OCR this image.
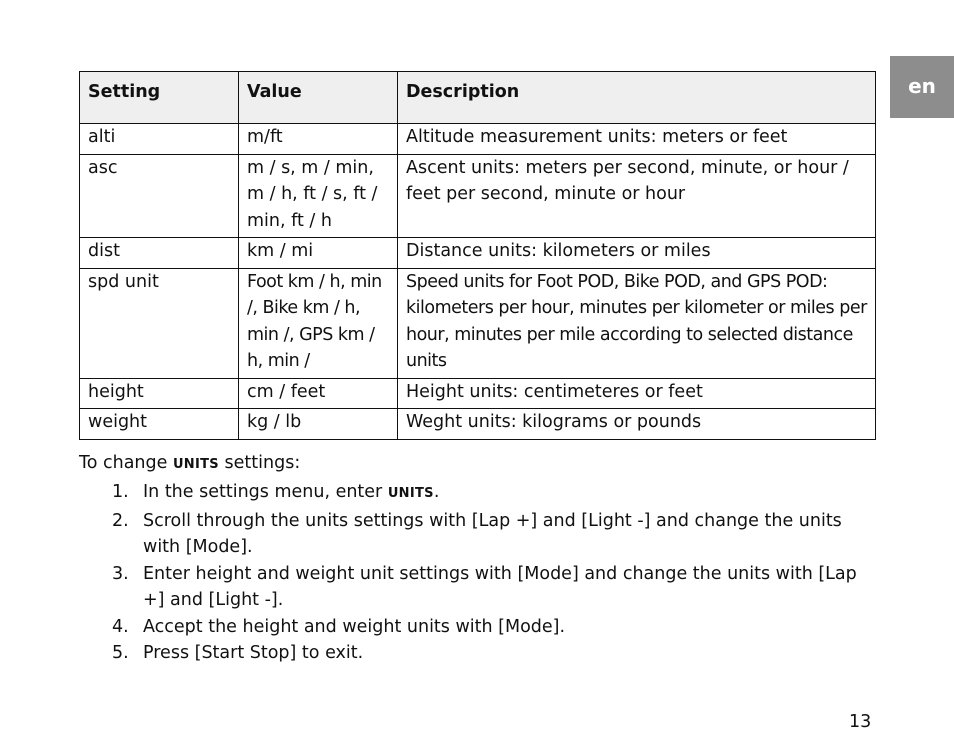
en
Setting	Value	Description
alti	m/ft	Altitude measurement units: meters or feet
asc	m / s, m / min, m / h, ft / s, ft / min, ft / h	Ascent units: meters per second, minute, or hour / feet per second, minute or hour
dist	km / mi	Distance units: kilometers or miles
spd unit	Foot km / h, min /, Bike km / h, min /, GPS km / h, min /	Speed units for Foot POD, Bike POD, and GPS POD: kilometers per hour, minutes per kilometer or miles per hour, minutes per mile according to selected distance units
height	cm / feet	Height units: centimeteres or feet
weight	kg / lb	Weght units: kilograms or pounds
To change UNITS settings:
1. In the settings menu, enter UNITS.
2. Scroll through the units settings with [Lap +] and [Light -] and change the units with [Mode].
3. Enter height and weight unit settings with [Mode] and change the units with [Lap +] and [Light -].
4. Accept the height and weight units with [Mode].
5. Press [Start Stop] to exit.
13
